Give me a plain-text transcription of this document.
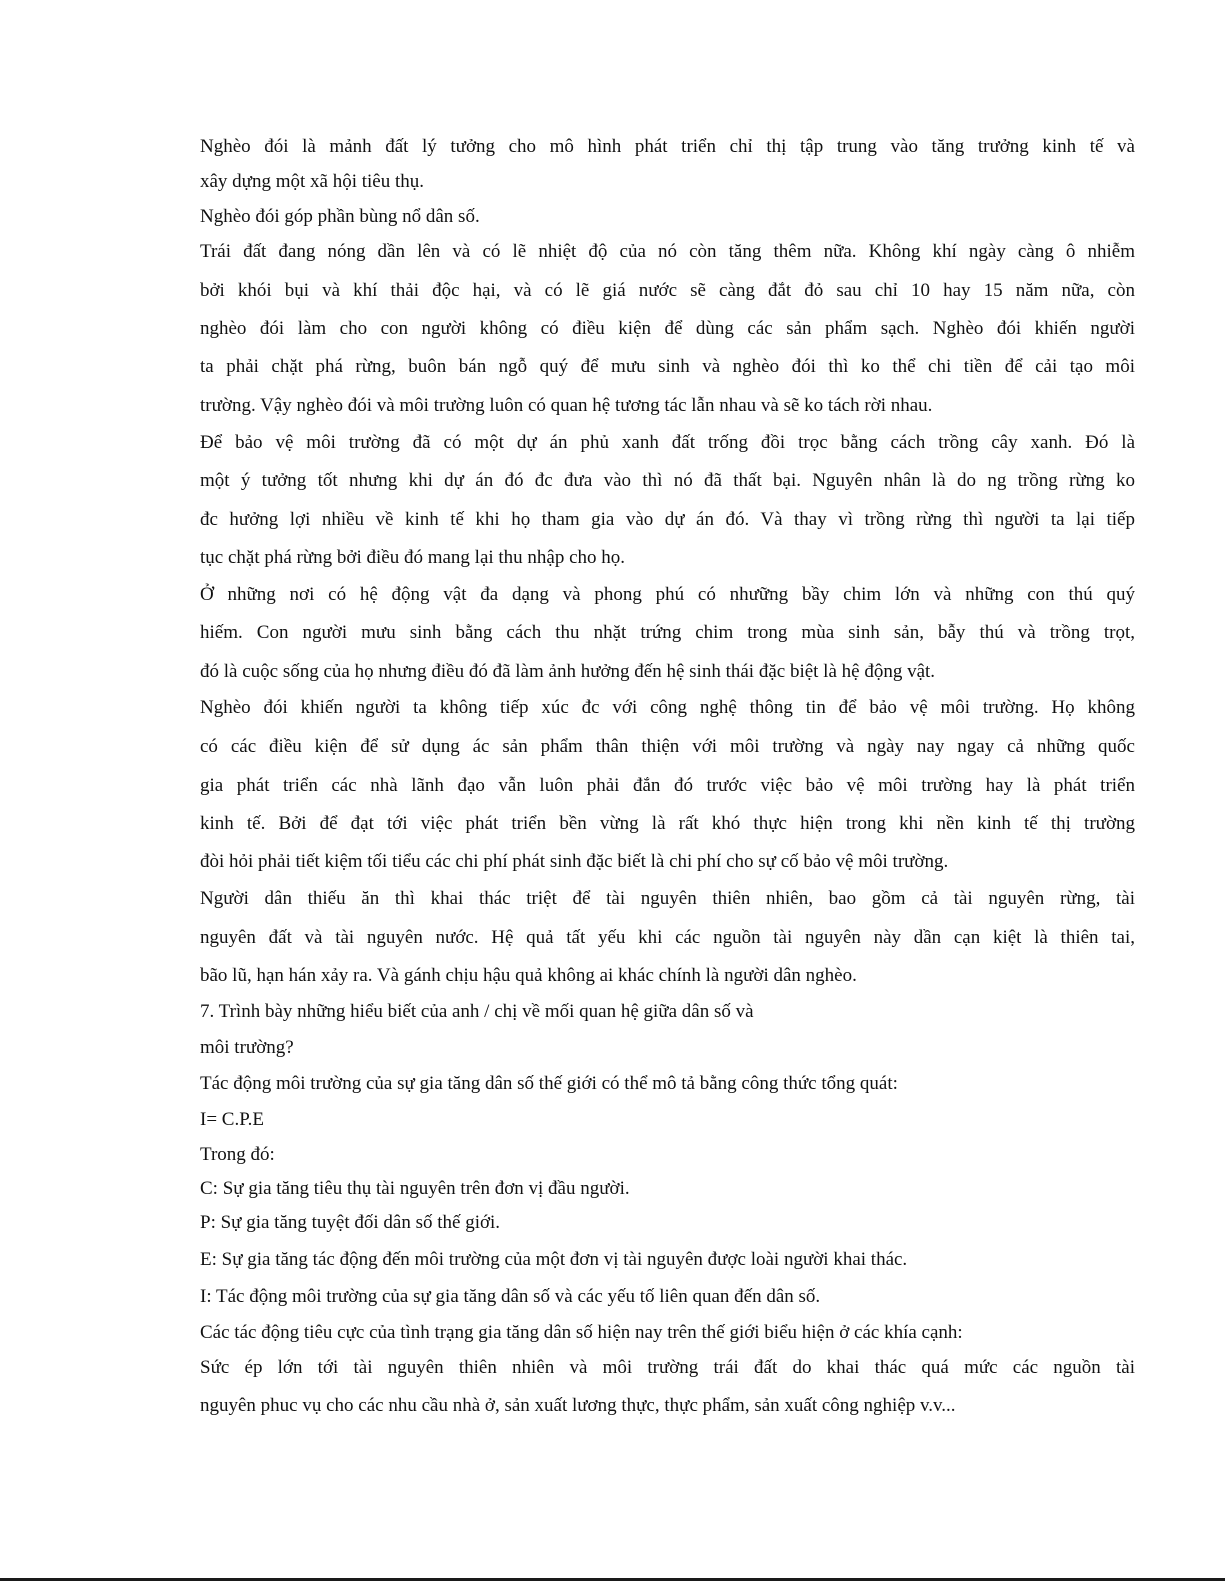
Nghèo đói là mảnh đất lý tưởng cho mô hình phát triển chỉ thị tập trung vào tăng trưởng kinh tế và

xây dựng một xã hội tiêu thụ.

Nghèo đói góp phần bùng nổ dân số.

Trái đất đang nóng dần lên và có lẽ nhiệt độ của nó còn tăng thêm nữa. Không khí ngày càng ô nhiễm

bởi khói bụi và khí thải độc hại, và có lẽ giá nước sẽ càng đắt đỏ sau chỉ 10 hay 15 năm nữa, còn

nghèo đói làm cho con người không có điều kiện để dùng các sản phẩm sạch. Nghèo đói khiến người

ta phải chặt phá rừng, buôn bán ngỗ quý để mưu sinh và nghèo đói thì ko thể chi tiền để cải tạo môi

trường. Vậy nghèo đói và môi trường luôn có quan hệ tương tác lẫn nhau và sẽ ko tách rời nhau.

Để bảo vệ môi trường đã có một dự án phủ xanh đất trống đồi trọc bằng cách trồng cây xanh. Đó là

một ý tưởng tốt nhưng khi dự án đó đc đưa vào thì nó đã thất bại. Nguyên nhân là do ng trồng rừng ko

đc hưởng lợi nhiều về kinh tế khi họ tham gia vào dự án đó. Và thay vì trồng rừng thì người ta lại tiếp

tục chặt phá rừng bởi điều đó mang lại thu nhập cho họ.

Ở những nơi có hệ động vật đa dạng và phong phú có nhưững bầy chim lớn và những con thú quý

hiếm. Con người mưu sinh bằng cách thu nhặt trứng chim trong mùa sinh sản, bẫy thú và trồng trọt,

đó là cuộc sống của họ nhưng điều đó đã làm ảnh hưởng đến hệ sinh thái đặc biệt là hệ động vật.

Nghèo đói khiến người ta không tiếp xúc đc với công nghệ thông tin để bảo vệ môi trường. Họ không

có các điều kiện để sử dụng ác sản phẩm thân thiện với môi trường và ngày nay ngay cả những quốc

gia phát triển các nhà lãnh đạo vẫn luôn phải đắn đó trước việc bảo vệ môi trường hay là phát triển

kinh tế. Bởi để đạt tới việc phát triển bền vừng là rất khó thực hiện trong khi nền kinh tế thị trường

đòi hỏi phải tiết kiệm tối tiểu các chi phí phát sinh đặc biết là chi phí cho sự cố bảo vệ môi trường.

Người dân thiếu ăn thì khai thác triệt để tài nguyên thiên nhiên, bao gồm cả tài nguyên rừng, tài

nguyên đất và tài nguyên nước. Hệ quả tất yếu khi các nguồn tài nguyên này dần cạn kiệt là thiên tai,

bão lũ, hạn hán xảy ra. Và gánh chịu hậu quả không ai khác chính là người dân nghèo.

7. Trình bày những hiểu biết của anh / chị về mối quan hệ giữa dân số và

môi trường?

Tác động môi trường của sự gia tăng dân số thế giới có thể mô tả bằng công thức tổng quát:

I= C.P.E

Trong đó:

C: Sự gia tăng tiêu thụ tài nguyên trên đơn vị đầu người.

P: Sự gia tăng tuyệt đối dân số thế giới.

E: Sự gia tăng tác động đến môi trường của một đơn vị tài nguyên được loài người khai thác.

I: Tác động môi trường của sự gia tăng dân số và các yếu tố liên quan đến dân số.

Các tác động tiêu cực của tình trạng gia tăng dân số hiện nay trên thế giới biểu hiện ở các khía cạnh:

Sức ép lớn tới tài nguyên thiên nhiên và môi trường trái đất do khai thác quá mức các nguồn tài

nguyên phuc vụ cho các nhu cầu nhà ở, sản xuất lương thực, thực phẩm, sản xuất công nghiệp v.v...
